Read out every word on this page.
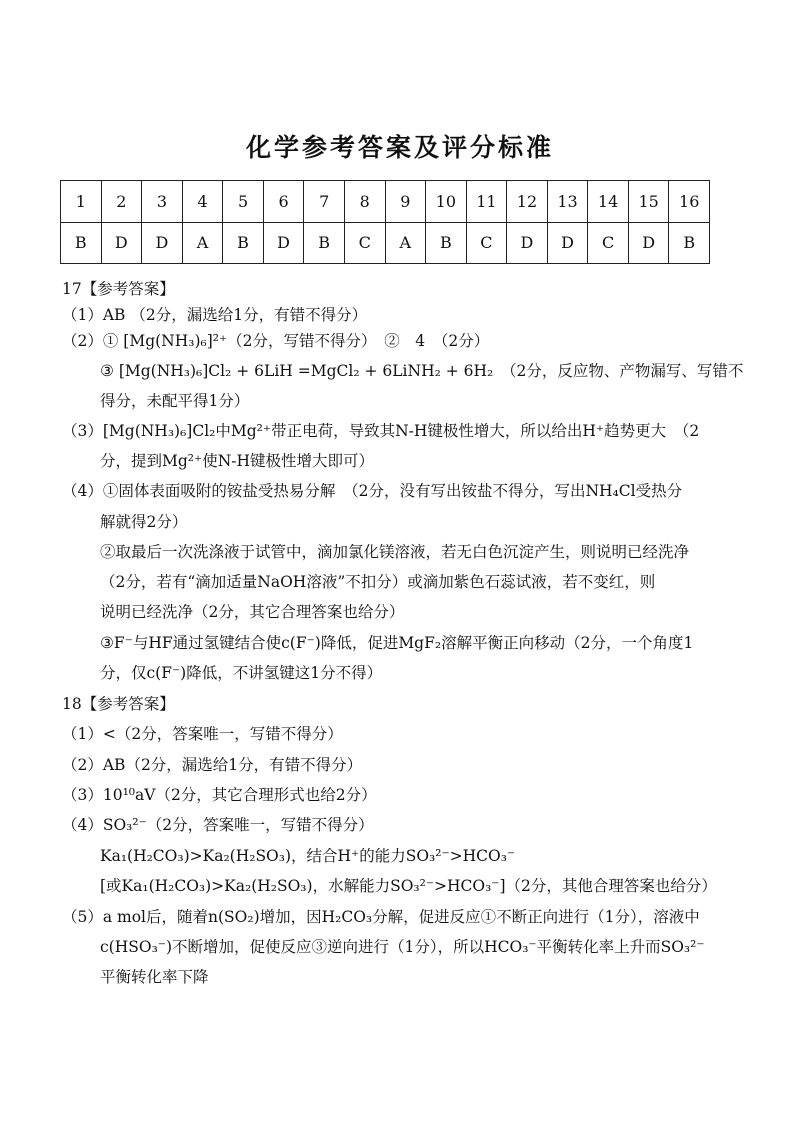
化学参考答案及评分标准
1	2	3	4	5	6	7	8	9	10	11	12	13	14	15	16
B	D	D	A	B	D	B	C	A	B	C	D	D	C	D	B
17【参考答案】
（1）AB （2分，漏选给1分，有错不得分）
（2）① [Mg(NH₃)₆]²⁺（2分，写错不得分）　②　4　（2分）
③ [Mg(NH₃)₆]Cl₂ + 6LiH =MgCl₂ + 6LiNH₂ + 6H₂　（2分，反应物、产物漏写、写错不
得分，未配平得1分）
（3）[Mg(NH₃)₆]Cl₂中Mg²⁺带正电荷，导致其N-H键极性增大，所以给出H⁺趋势更大　（2
分，提到Mg²⁺使N-H键极性增大即可）
（4）①固体表面吸附的铵盐受热易分解　（2分，没有写出铵盐不得分，写出NH₄Cl受热分
解就得2分）
②取最后一次洗涤液于试管中，滴加氯化镁溶液，若无白色沉淀产生，则说明已经洗净
（2分，若有“滴加适量NaOH溶液”不扣分）或滴加紫色石蕊试液，若不变红，则
说明已经洗净（2分，其它合理答案也给分）
③F⁻与HF通过氢键结合使c(F⁻)降低，促进MgF₂溶解平衡正向移动（2分，一个角度1
分，仅c(F⁻)降低，不讲氢键这1分不得）
18【参考答案】
（1）<（2分，答案唯一，写错不得分）
（2）AB（2分，漏选给1分，有错不得分）
（3）10¹⁰aV（2分，其它合理形式也给2分）
（4）SO₃²⁻（2分，答案唯一，写错不得分）
Ka₁(H₂CO₃)>Ka₂(H₂SO₃)，结合H⁺的能力SO₃²⁻>HCO₃⁻
[或Ka₁(H₂CO₃)>Ka₂(H₂SO₃)，水解能力SO₃²⁻>HCO₃⁻]（2分，其他合理答案也给分）
（5）a mol后，随着n(SO₂)增加，因H₂CO₃分解，促进反应①不断正向进行（1分），溶液中
c(HSO₃⁻)不断增加，促使反应③逆向进行（1分），所以HCO₃⁻平衡转化率上升而SO₃²⁻
平衡转化率下降
